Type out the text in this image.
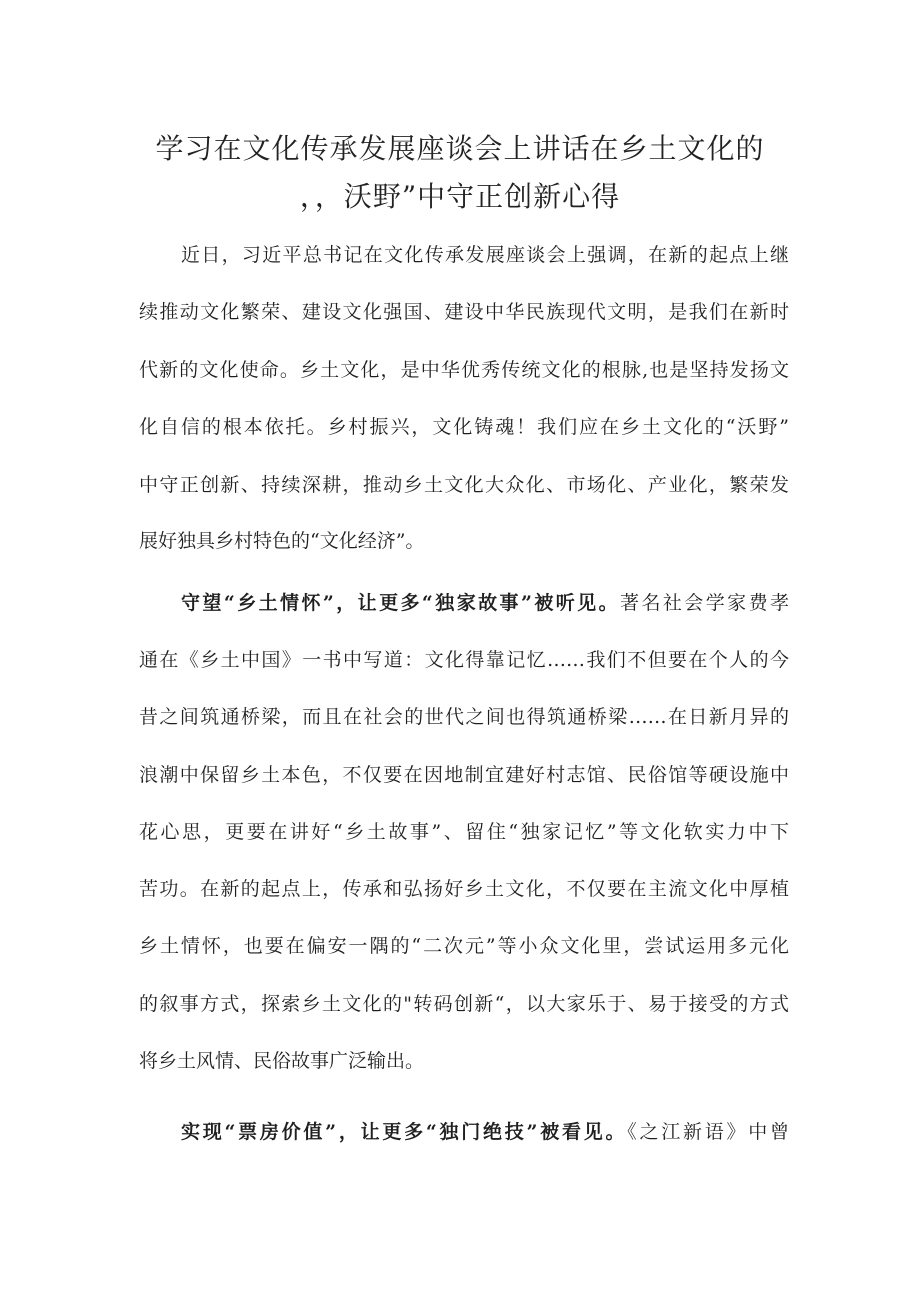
学习在文化传承发展座谈会上讲话在乡土文化的
，，沃野”中守正创新心得
近日，习近平总书记在文化传承发展座谈会上强调，在新的起点上继
续推动文化繁荣、建设文化强国、建设中华民族现代文明，是我们在新时
代新的文化使命。乡土文化，是中华优秀传统文化的根脉,也是坚持发扬文
化自信的根本依托。乡村振兴，文化铸魂！我们应在乡土文化的“沃野”
中守正创新、持续深耕，推动乡土文化大众化、市场化、产业化，繁荣发
展好独具乡村特色的“文化经济”。
守望“乡土情怀”，让更多“独家故事”被听见。著名社会学家费孝
通在《乡土中国》一书中写道：文化得靠记忆……我们不但要在个人的今
昔之间筑通桥梁，而且在社会的世代之间也得筑通桥梁……在日新月异的
浪潮中保留乡土本色，不仅要在因地制宜建好村志馆、民俗馆等硬设施中
花心思，更要在讲好“乡土故事”、留住“独家记忆”等文化软实力中下
苦功。在新的起点上，传承和弘扬好乡土文化，不仅要在主流文化中厚植
乡土情怀，也要在偏安一隅的“二次元”等小众文化里，尝试运用多元化
的叙事方式，探索乡土文化的"转码创新“，以大家乐于、易于接受的方式
将乡土风情、民俗故事广泛输出。
实现“票房价值”，让更多“独门绝技”被看见。《之江新语》中曾
